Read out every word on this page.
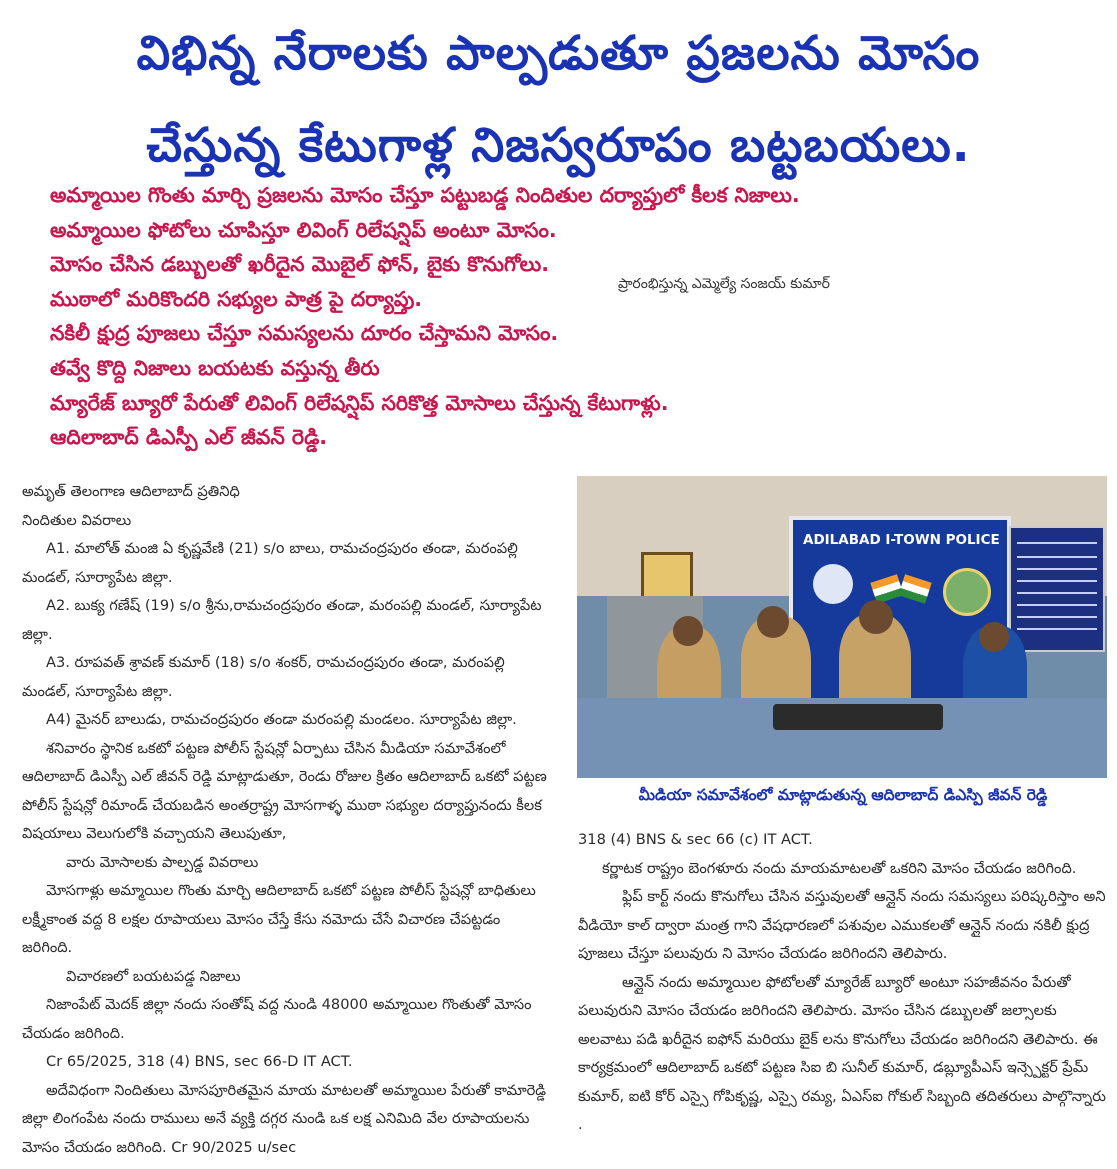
విభిన్న నేరాలకు పాల్పడుతూ ప్రజలను మోసం
చేస్తున్న కేటుగాళ్ల నిజస్వరూపం బట్టబయలు.
అమ్మాయిల గొంతు మార్చి ప్రజలను మోసం చేస్తూ పట్టుబడ్డ నిందితుల దర్యాప్తులో కీలక నిజాలు.
అమ్మాయిల ఫోటోలు చూపిస్తూ లివింగ్ రిలేషన్షిప్ అంటూ మోసం.
మోసం చేసిన డబ్బులతో ఖరీదైన మొబైల్ ఫోన్, బైకు కొనుగోలు.
ముఠాలో మరికొందరి సభ్యుల పాత్ర పై దర్యాప్తు.
నకిలీ క్షుద్ర పూజలు చేస్తూ సమస్యలను దూరం చేస్తామని మోసం.
తవ్వే కొద్ది నిజాలు బయటకు వస్తున్న తీరు
మ్యారేజ్ బ్యూరో పేరుతో లివింగ్ రిలేషన్షిప్ సరికొత్త మోసాలు చేస్తున్న కేటుగాళ్లు.
ఆదిలాబాద్ డిఎస్పీ ఎల్ జీవన్ రెడ్డి.
ప్రారంభిస్తున్న ఎమ్మెల్యే సంజయ్ కుమార్

అమృత్ తెలంగాణ ఆదిలాబాద్ ప్రతినిధి

నిందితుల వివరాలు

A1. మాలోత్ మంజి ఏ కృష్ణవేణి (21) s/o బాలు, రామచంద్రపురం తండా, మరంపల్లి మండల్, సూర్యాపేట జిల్లా.

A2. బుక్య గణేష్ (19) s/o శ్రీను,రామచంద్రపురం తండా, మరంపల్లి మండల్, సూర్యాపేట జిల్లా.

A3. రూపవత్ శ్రావణ్ కుమార్ (18) s/o శంకర్, రామచంద్రపురం తండా, మరంపల్లి మండల్, సూర్యాపేట జిల్లా.

A4) మైనర్ బాలుడు, రామచంద్రపురం తండా మరంపల్లి మండలం. సూర్యాపేట జిల్లా.

శనివారం స్థానిక ఒకటో పట్టణ పోలీస్ స్టేషన్లో ఏర్పాటు చేసిన మీడియా సమావేశంలో ఆదిలాబాద్ డిఎస్పీ ఎల్ జీవన్ రెడ్డి మాట్లాడుతూ, రెండు రోజుల క్రితం ఆదిలాబాద్ ఒకటో పట్టణ పోలీస్ స్టేషన్లో రిమాండ్ చేయబడిన అంతర్రాష్ట్ర మోసగాళ్ళ ముఠా సభ్యుల దర్యాప్తునందు కీలక విషయాలు వెలుగులోకి వచ్చాయని తెలుపుతూ,

వారు మోసాలకు పాల్పడ్డ వివరాలు

మోసగాళ్లు అమ్మాయిల గొంతు మార్చి ఆదిలాబాద్ ఒకటో పట్టణ పోలీస్ స్టేషన్లో బాధితులు లక్ష్మీకాంత వద్ద 8 లక్షల రూపాయలు మోసం చేస్తే కేసు నమోదు చేసే విచారణ చేపట్టడం జరిగింది.

విచారణలో బయటపడ్డ నిజాలు

నిజాంపేట్ మెదక్ జిల్లా నందు సంతోష్ వద్ద నుండి 48000 అమ్మాయిల గొంతుతో మోసం చేయడం జరిగింది.

Cr 65/2025, 318 (4) BNS, sec 66-D IT ACT.

అదేవిధంగా నిందితులు మోసపూరితమైన మాయ మాటలతో అమ్మాయిల పేరుతో కామారెడ్డి జిల్లా లింగంపేట నందు రాములు అనే వ్యక్తి దగ్గర నుండి ఒక లక్ష ఎనిమిది వేల రూపాయలను మోసం చేయడం జరిగింది. Cr 90/2025 u/sec

ADILABAD I-TOWN POLICE
మీడియా సమావేశంలో మాట్లాడుతున్న ఆదిలాబాద్ డిఎస్పి జీవన్ రెడ్డి

318 (4) BNS & sec 66 (c) IT ACT.

కర్ణాటక రాష్ట్రం బెంగళూరు నందు మాయమాటలతో ఒకరిని మోసం చేయడం జరిగింది.

ఫ్లిప్ కార్ట్ నందు కొనుగోలు చేసిన వస్తువులతో ఆన్లైన్ నందు సమస్యలు పరిష్కరిస్తాం అని వీడియో కాల్ ద్వారా మంత్ర గాని వేషధారణలో పశువుల ఎముకలతో ఆన్లైన్ నందు నకిలీ క్షుద్ర పూజలు చేస్తూ పలువురు ని మోసం చేయడం జరిగిందని తెలిపారు.

ఆన్లైన్ నందు అమ్మాయిల ఫోటోలతో మ్యారేజ్ బ్యూరో అంటూ సహజీవనం పేరుతో పలువురుని మోసం చేయడం జరిగిందని తెలిపారు. మోసం చేసిన డబ్బులతో జల్సాలకు అలవాటు పడి ఖరీదైన ఐఫోన్ మరియు బైక్ లను కొనుగోలు చేయడం జరిగిందని తెలిపారు. ఈ కార్యక్రమంలో ఆదిలాబాద్ ఒకటో పట్టణ సిఐ బి సునీల్ కుమార్, డబ్ల్యూపీఎస్ ఇన్స్పెక్టర్ ప్రేమ్ కుమార్, ఐటి కోర్ ఎస్సై గోపికృష్ణ, ఎస్సై రమ్య, ఏఎస్ఐ గోకుల్ సిబ్బంది తదితరులు పాల్గొన్నారు .
